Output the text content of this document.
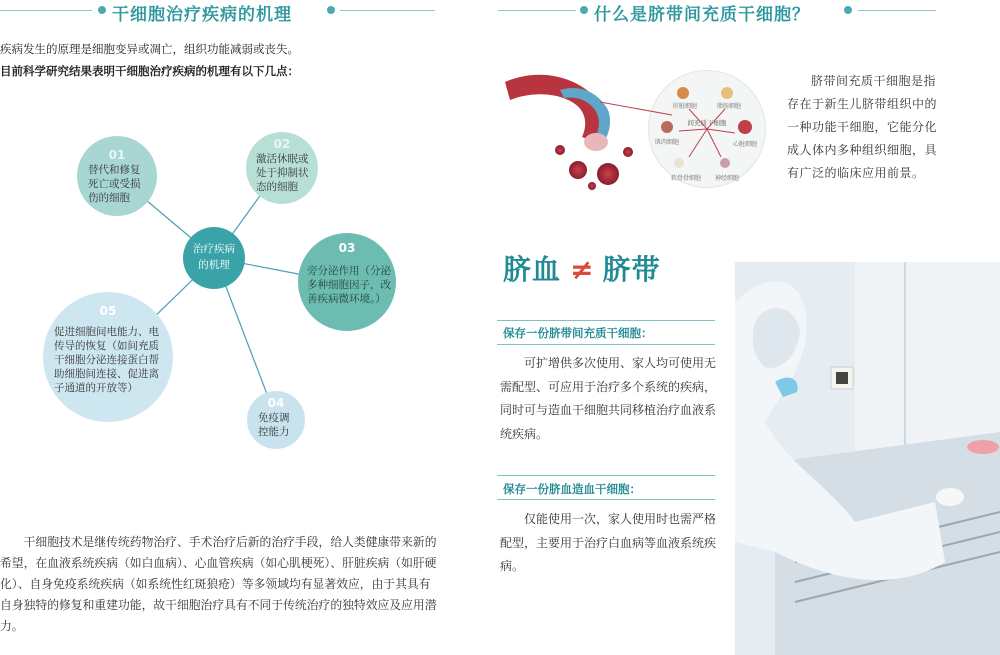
干细胞治疗疾病的机理
疾病发生的原理是细胞变异或凋亡，组织功能减弱或丧失。
目前科学研究结果表明干细胞治疗疾病的机理有以下几点：
01
替代和修复死亡或受损伤的细胞
02
激活休眠或处于抑制状态的细胞
治疗疾病的机理
03
旁分泌作用（分泌多种细胞因子，改善疾病微环境。）
04
免疫调控能力
05
促进细胞间电能力、电传导的恢复（如间充质干细胞分泌连接蛋白帮助细胞间连接、促进离子通道的开放等）
干细胞技术是继传统药物治疗、手术治疗后新的治疗手段，给人类健康带来新的希望，在血液系统疾病（如白血病）、心血管疾病（如心肌梗死）、肝脏疾病（如肝硬化）、自身免疫系统疾病（如系统性红斑狼疮）等多领域均有显著效应，由于其具有自身独特的修复和重建功能，故干细胞治疗具有不同于传统治疗的独特效应及应用潜力。
什么是脐带间充质干细胞？
间充质干细胞
肝脏细胞	脂肪细胞
心脏细胞
神经细胞
软骨骨细胞
肌肉细胞
脐带间充质干细胞是指存在于新生儿脐带组织中的一种功能干细胞，它能分化成人体内多种组织细胞，具有广泛的临床应用前景。
脐血 ≠ 脐带
保存一份脐带间充质干细胞：
可扩增供多次使用、家人均可使用无需配型、可应用于治疗多个系统的疾病，同时可与造血干细胞共同移植治疗血液系统疾病。
保存一份脐血造血干细胞：
仅能使用一次，家人使用时也需严格配型，主要用于治疗白血病等血液系统疾病。
